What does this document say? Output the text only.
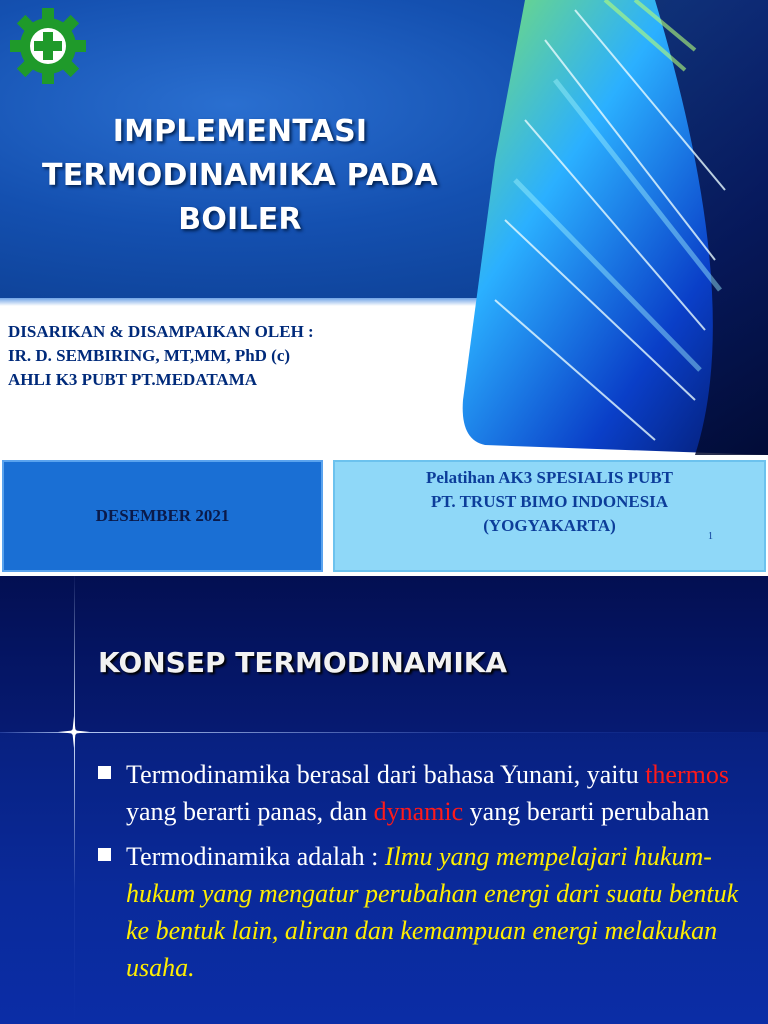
IMPLEMENTASI
TERMODINAMIKA PADA
BOILER
DISARIKAN & DISAMPAIKAN OLEH :
IR. D. SEMBIRING, MT,MM, PhD (c)
AHLI K3 PUBT PT.MEDATAMA
DESEMBER 2021
Pelatihan AK3 SPESIALIS PUBT
PT. TRUST BIMO INDONESIA
(YOGYAKARTA)
1
KONSEP TERMODINAMIKA
Termodinamika berasal dari bahasa Yunani, yaitu thermos yang berarti panas, dan dynamic yang berarti perubahan
Termodinamika adalah : Ilmu yang mempelajari hukum-hukum yang mengatur perubahan energi dari suatu bentuk ke bentuk lain, aliran dan kemampuan energi melakukan usaha.
